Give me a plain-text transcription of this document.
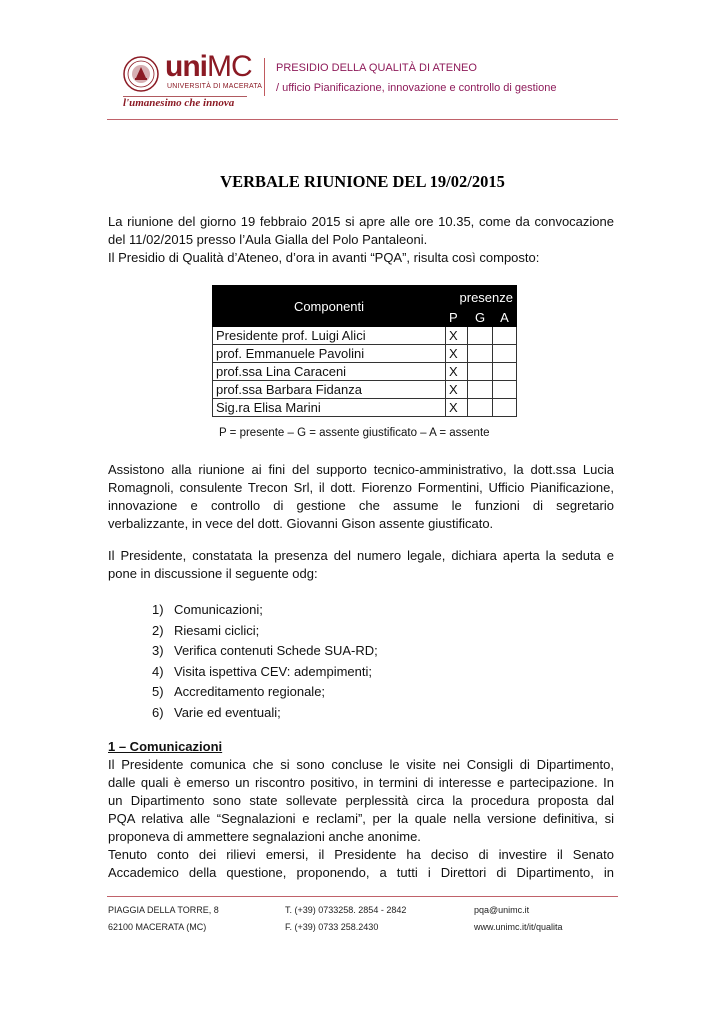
uniMC
UNIVERSITÀ DI MACERATA
l'umanesimo che innova
PRESIDIO DELLA QUALITÀ DI ATENEO
/ ufficio Pianificazione, innovazione e controllo di gestione
VERBALE RIUNIONE DEL 19/02/2015

La riunione del giorno 19 febbraio 2015 si apre alle ore 10.35, come da convocazione

del 11/02/2015 presso l’Aula Gialla del Polo Pantaleoni.

Il Presidio di Qualità d’Ateneo, d’ora in avanti “PQA”, risulta così composto:

Componenti	presenze		
	P	G	A
Presidente prof. Luigi Alici	X		
prof. Emmanuele Pavolini	X		
prof.ssa Lina Caraceni	X		
prof.ssa Barbara Fidanza	X		
Sig.ra Elisa Marini	X		
P = presente – G = assente giustificato – A = assente

Assistono alla riunione ai fini del supporto tecnico-amministrativo, la dott.ssa Lucia

Romagnoli, consulente Trecon Srl, il dott. Fiorenzo Formentini, Ufficio Pianificazione,

innovazione e controllo di gestione che assume le funzioni di segretario

verbalizzante, in vece del dott. Giovanni Gison assente giustificato.

Il Presidente, constatata la presenza del numero legale, dichiara aperta la seduta e

pone in discussione il seguente odg:

1) Comunicazioni;
2) Riesami ciclici;
3) Verifica contenuti Schede SUA-RD;
4) Visita ispettiva CEV: adempimenti;
5) Accreditamento regionale;
6) Varie ed eventuali;
1 – Comunicazioni

Il Presidente comunica che si sono concluse le visite nei Consigli di Dipartimento,

dalle quali è emerso un riscontro positivo, in termini di interesse e partecipazione. In

un Dipartimento sono state sollevate perplessità circa la procedura proposta dal

PQA relativa alle “Segnalazioni e reclami”, per la quale nella versione definitiva, si

proponeva di ammettere segnalazioni anche anonime.

Tenuto conto dei rilievi emersi, il Presidente ha deciso di investire il Senato

Accademico della questione, proponendo, a tutti i Direttori di Dipartimento, in

PIAGGIA DELLA TORRE, 8
62100 MACERATA (MC)
T. (+39) 0733258. 2854 - 2842
F. (+39) 0733 258.2430
pqa@unimc.it
www.unimc.it/it/qualita
